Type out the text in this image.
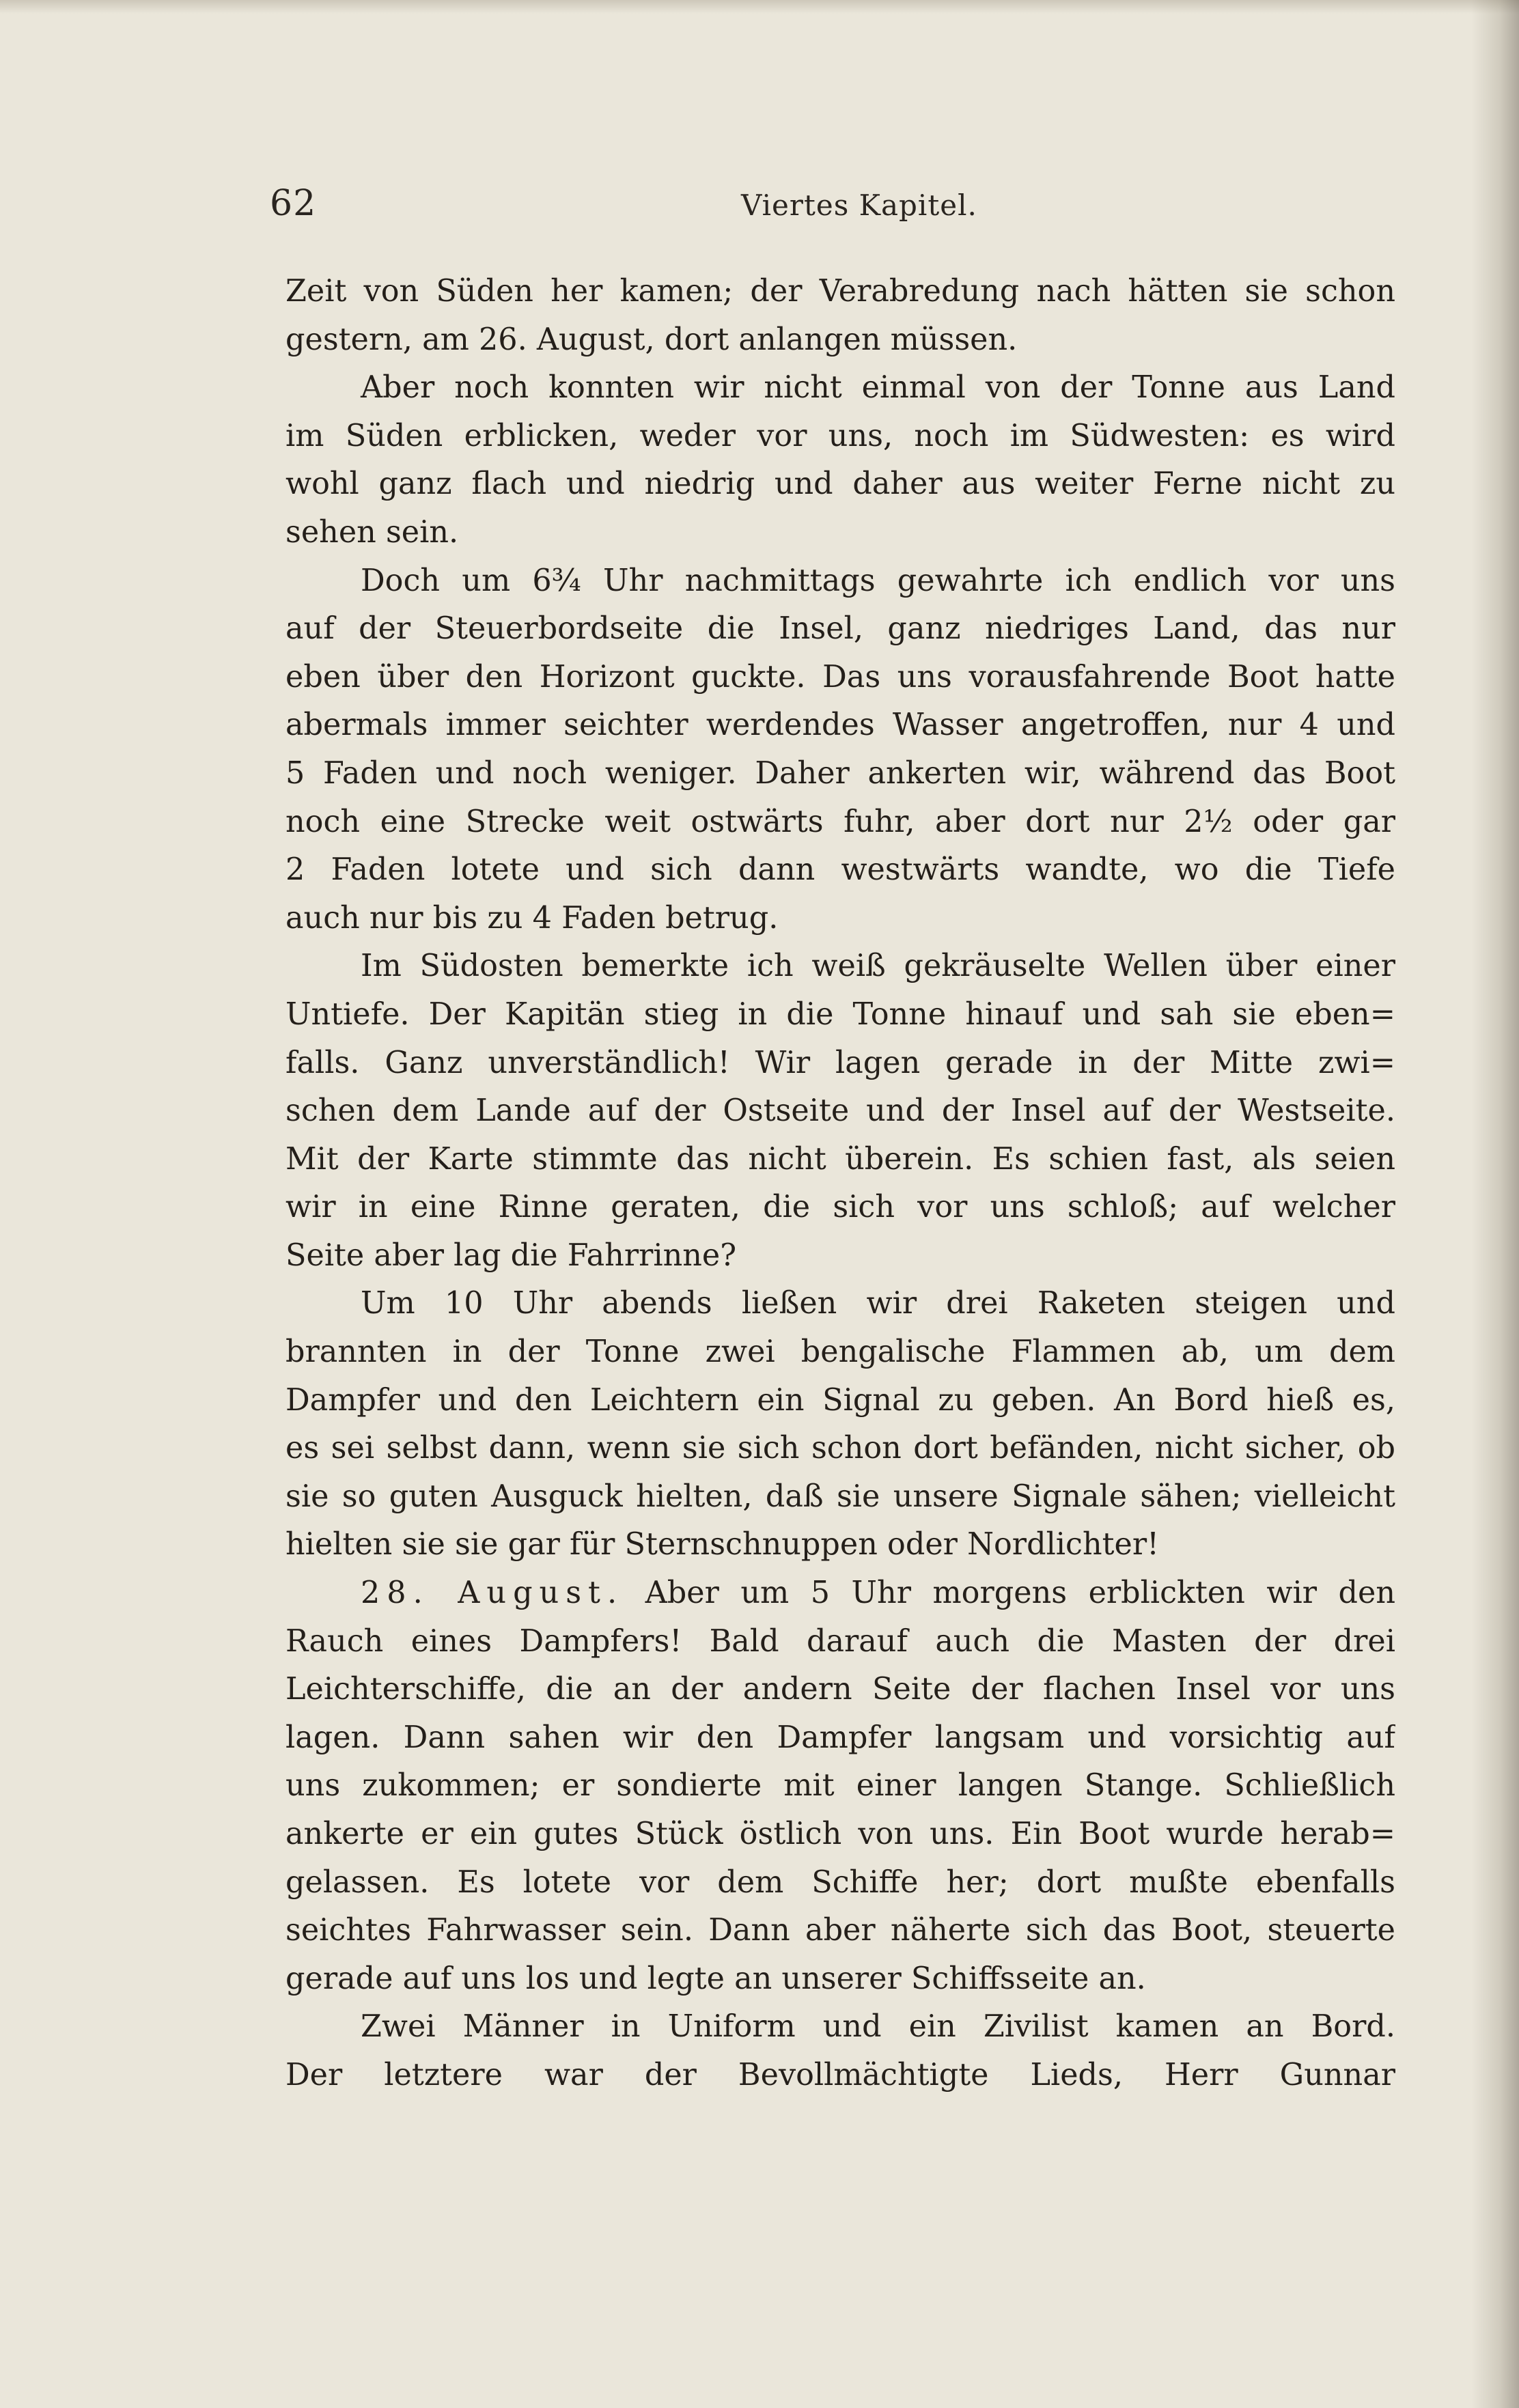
62	Viertes Kapitel.
Zeit von Süden her kamen; der Verabredung nach hätten sie schon
gestern, am 26. August, dort anlangen müssen.
Aber noch konnten wir nicht einmal von der Tonne aus Land
im Süden erblicken, weder vor uns, noch im Südwesten: es wird
wohl ganz flach und niedrig und daher aus weiter Ferne nicht zu
sehen sein.
Doch um 6¾ Uhr nachmittags gewahrte ich endlich vor uns
auf der Steuerbordseite die Insel, ganz niedriges Land, das nur
eben über den Horizont guckte. Das uns vorausfahrende Boot hatte
abermals immer seichter werdendes Wasser angetroffen, nur 4 und
5 Faden und noch weniger. Daher ankerten wir, während das Boot
noch eine Strecke weit ostwärts fuhr, aber dort nur 2½ oder gar
2 Faden lotete und sich dann westwärts wandte, wo die Tiefe
auch nur bis zu 4 Faden betrug.
Im Südosten bemerkte ich weiß gekräuselte Wellen über einer
Untiefe. Der Kapitän stieg in die Tonne hinauf und sah sie eben=
falls. Ganz unverständlich! Wir lagen gerade in der Mitte zwi=
schen dem Lande auf der Ostseite und der Insel auf der Westseite.
Mit der Karte stimmte das nicht überein. Es schien fast, als seien
wir in eine Rinne geraten, die sich vor uns schloß; auf welcher
Seite aber lag die Fahrrinne?
Um 10 Uhr abends ließen wir drei Raketen steigen und
brannten in der Tonne zwei bengalische Flammen ab, um dem
Dampfer und den Leichtern ein Signal zu geben. An Bord hieß es,
es sei selbst dann, wenn sie sich schon dort befänden, nicht sicher, ob
sie so guten Ausguck hielten, daß sie unsere Signale sähen; vielleicht
hielten sie sie gar für Sternschnuppen oder Nordlichter!
28. August. Aber um 5 Uhr morgens erblickten wir den
Rauch eines Dampfers! Bald darauf auch die Masten der drei
Leichterschiffe, die an der andern Seite der flachen Insel vor uns
lagen. Dann sahen wir den Dampfer langsam und vorsichtig auf
uns zukommen; er sondierte mit einer langen Stange. Schließlich
ankerte er ein gutes Stück östlich von uns. Ein Boot wurde herab=
gelassen. Es lotete vor dem Schiffe her; dort mußte ebenfalls
seichtes Fahrwasser sein. Dann aber näherte sich das Boot, steuerte
gerade auf uns los und legte an unserer Schiffsseite an.
Zwei Männer in Uniform und ein Zivilist kamen an Bord.
Der letztere war der Bevollmächtigte Lieds, Herr Gunnar
